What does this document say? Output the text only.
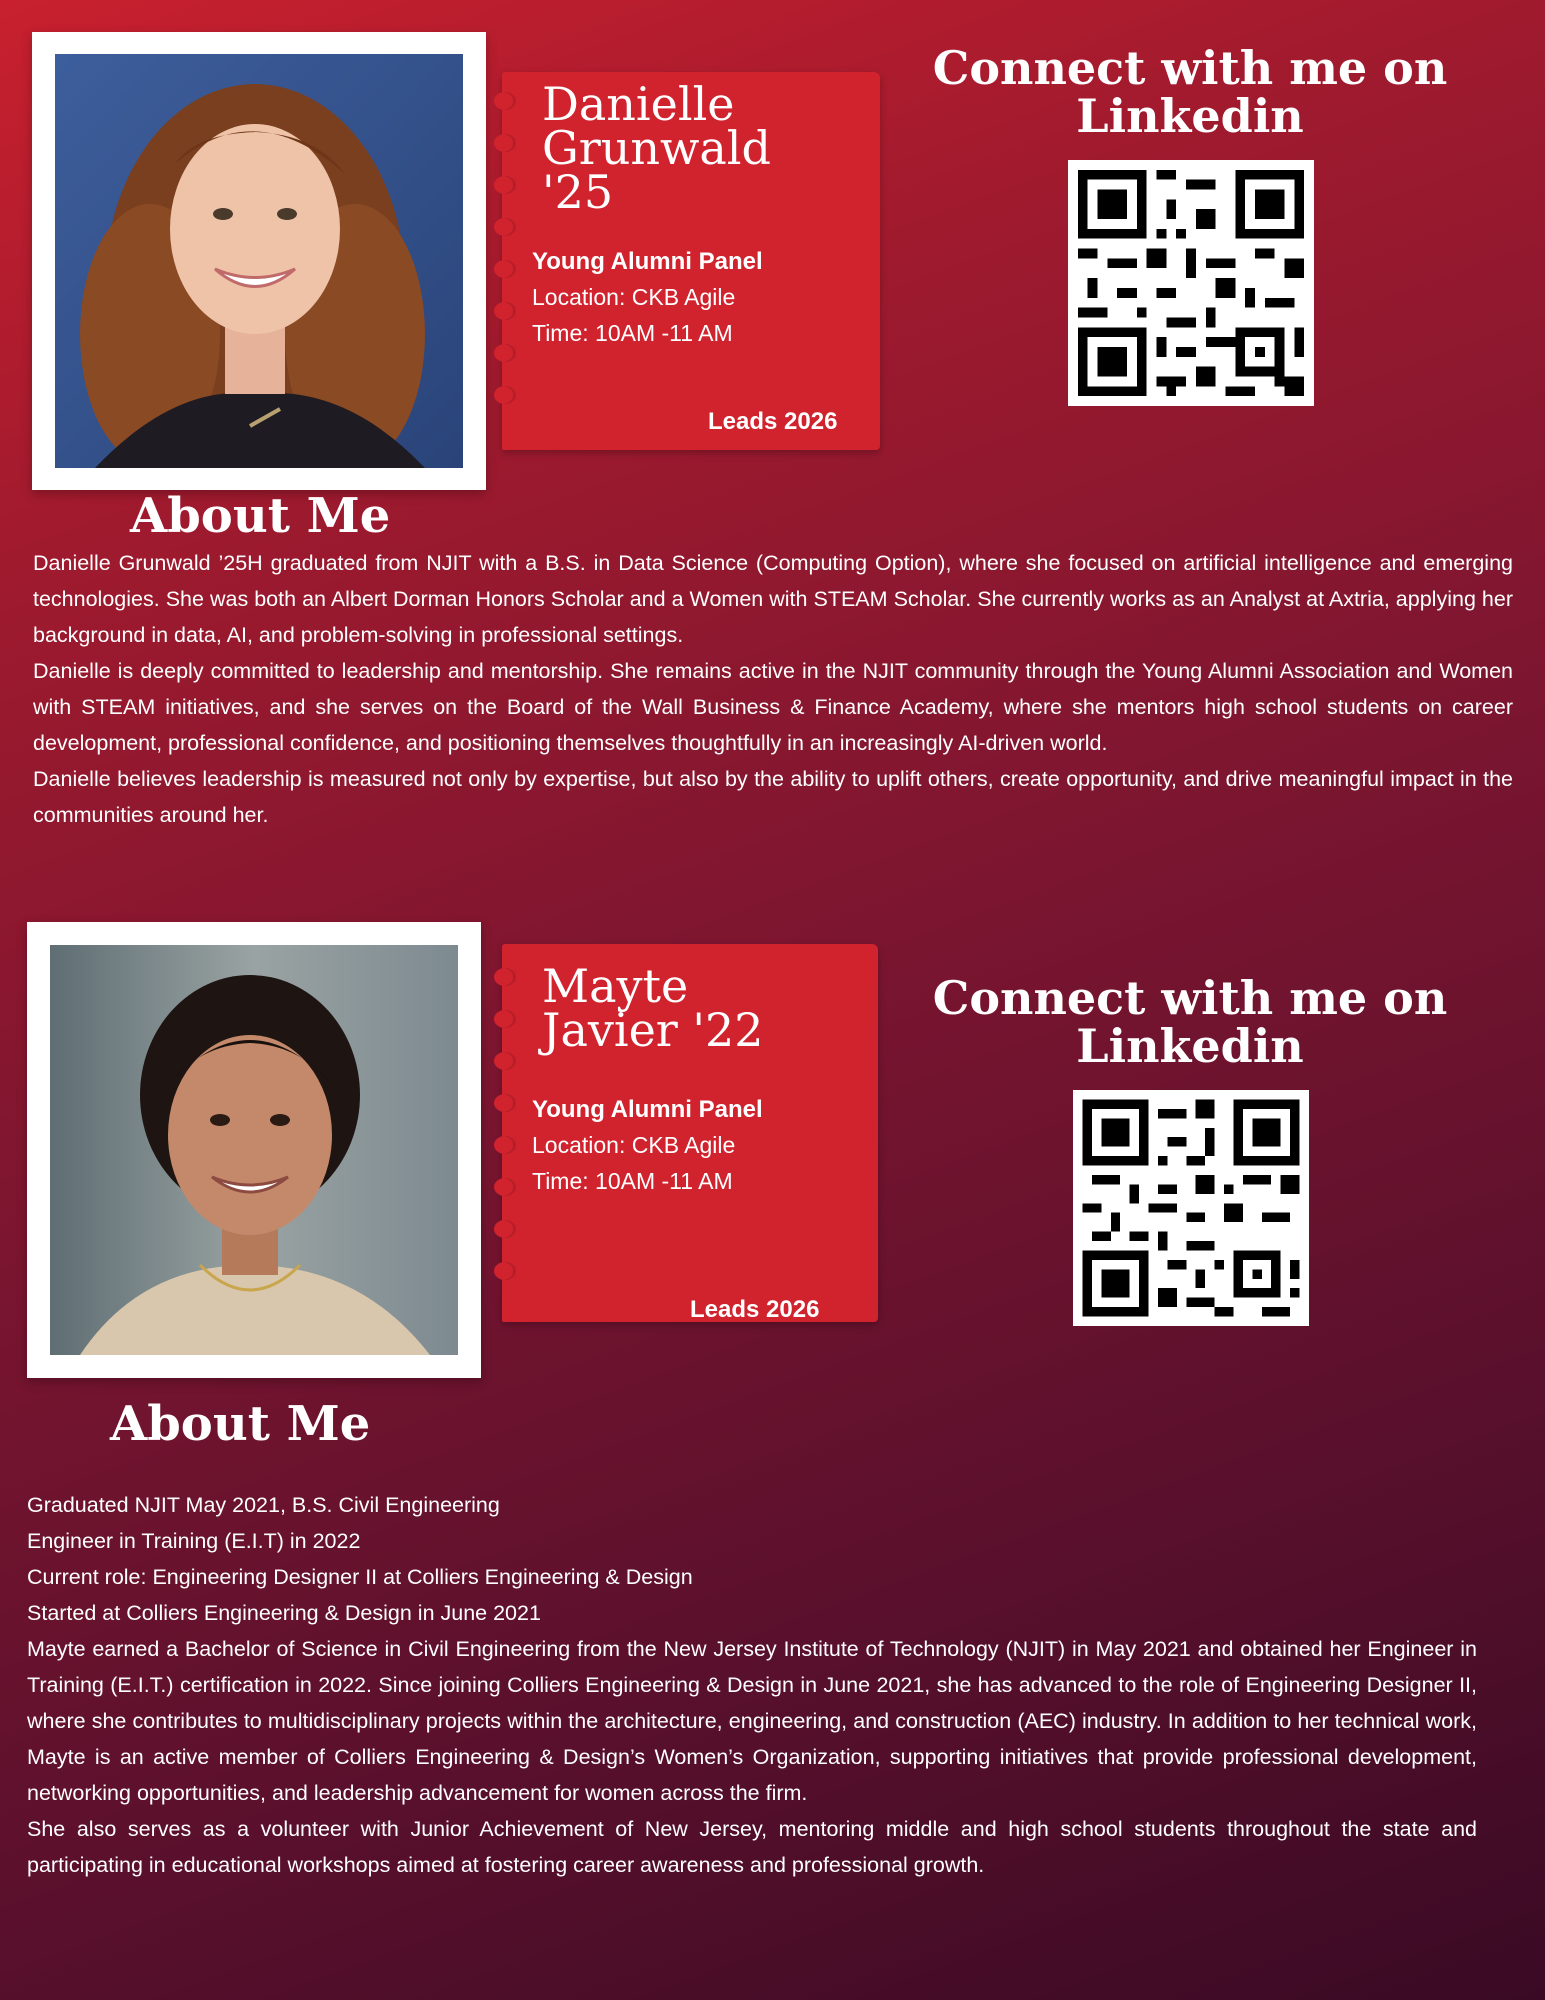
Danielle
Grunwald
'25
Young Alumni Panel
Location: CKB Agile
Time: 10AM -11 AM
Leads 2026
Connect with me on Linkedin
About Me

Danielle Grunwald ’25H graduated from NJIT with a B.S. in Data Science (Computing Option), where she focused on artificial intelligence and emerging technologies. She was both an Albert Dorman Honors Scholar and a Women with STEAM Scholar. She currently works as an Analyst at Axtria, applying her background in data, AI, and problem-solving in professional settings.

Danielle is deeply committed to leadership and mentorship. She remains active in the NJIT community through the Young Alumni Association and Women with STEAM initiatives, and she serves on the Board of the Wall Business & Finance Academy, where she mentors high school students on career development, professional confidence, and positioning themselves thoughtfully in an increasingly AI-driven world.

Danielle believes leadership is measured not only by expertise, but also by the ability to uplift others, create opportunity, and drive meaningful impact in the communities around her.

Mayte
Javier '22
Young Alumni Panel
Location: CKB Agile
Time: 10AM -11 AM
Leads 2026
Connect with me on Linkedin
About Me

Graduated NJIT May 2021, B.S. Civil Engineering

Engineer in Training (E.I.T) in 2022

Current role: Engineering Designer II at Colliers Engineering & Design

Started at Colliers Engineering & Design in June 2021

Mayte earned a Bachelor of Science in Civil Engineering from the New Jersey Institute of Technology (NJIT) in May 2021 and obtained her Engineer in Training (E.I.T.) certification in 2022. Since joining Colliers Engineering & Design in June 2021, she has advanced to the role of Engineering Designer II, where she contributes to multidisciplinary projects within the architecture, engineering, and construction (AEC) industry. In addition to her technical work, Mayte is an active member of Colliers Engineering & Design’s Women’s Organization, supporting initiatives that provide professional development, networking opportunities, and leadership advancement for women across the firm.

She also serves as a volunteer with Junior Achievement of New Jersey, mentoring middle and high school students throughout the state and participating in educational workshops aimed at fostering career awareness and professional growth.
